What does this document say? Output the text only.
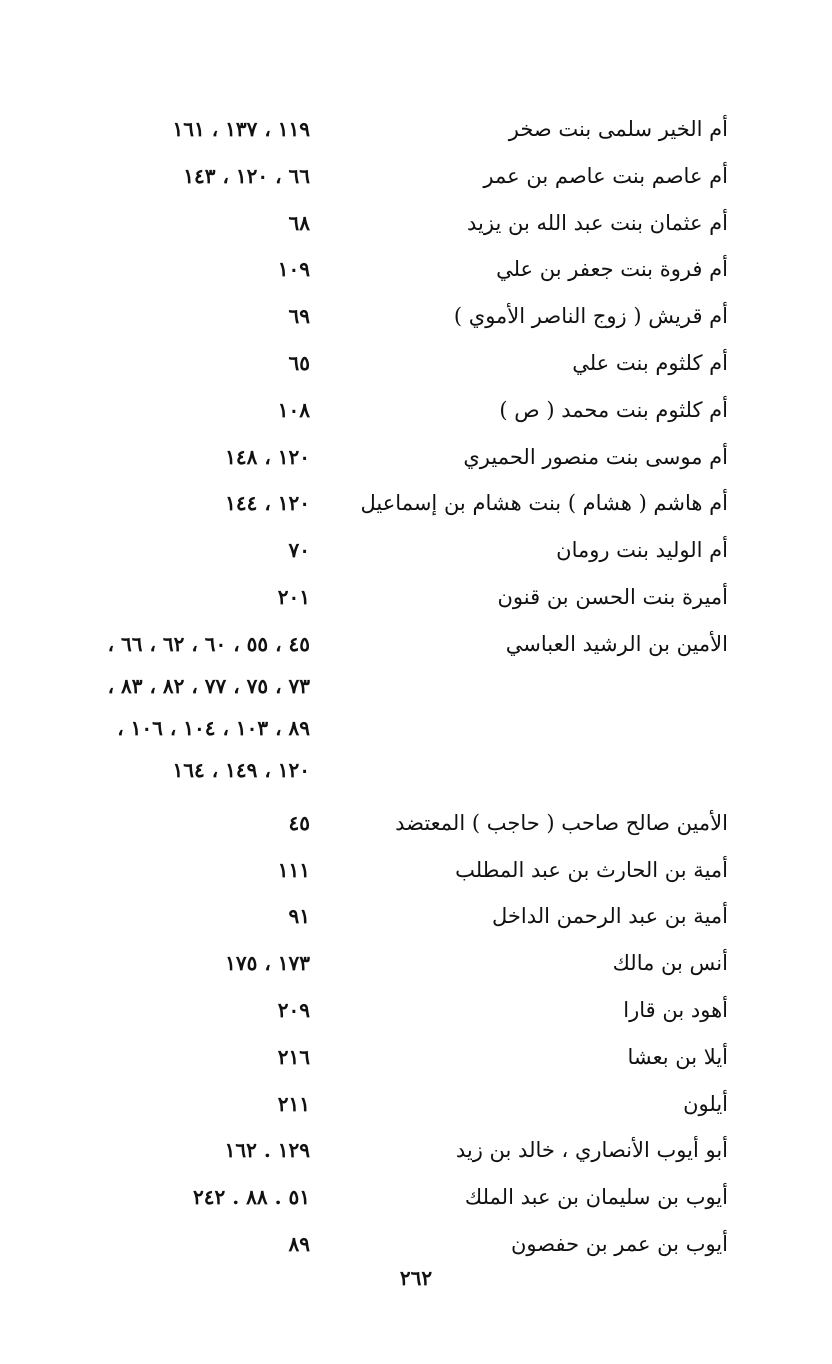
أم الخير سلمى بنت صخر
١١٩ ، ١٣٧ ، ١٦١
أم عاصم بنت عاصم بن عمر
٦٦ ، ١٢٠ ، ١٤٣
أم عثمان بنت عبد الله بن يزيد
٦٨
أم فروة بنت جعفر بن علي
١٠٩
أم قريش ( زوج الناصر الأموي )
٦٩
أم كلثوم بنت علي
٦٥
أم كلثوم بنت محمد ( ص )
١٠٨
أم موسى بنت منصور الحميري
١٢٠ ، ١٤٨
أم هاشم ( هشام ) بنت هشام بن إسماعيل
١٢٠ ، ١٤٤
أم الوليد بنت رومان
٧٠
أميرة بنت الحسن بن قنون
٢٠١
الأمين بن الرشيد العباسي
٤٥ ، ٥٥ ، ٦٠ ، ٦٢ ، ٦٦ ،
٧٣ ، ٧٥ ، ٧٧ ، ٨٢ ، ٨٣ ،
٨٩ ، ١٠٣ ، ١٠٤ ، ١٠٦ ،
١٢٠ ، ١٤٩ ، ١٦٤
الأمين صالح صاحب ( حاجب ) المعتضد
٤٥
أمية بن الحارث بن عبد المطلب
١١١
أمية بن عبد الرحمن الداخل
٩١
أنس بن مالك
١٧٣ ، ١٧٥
أهود بن قارا
٢٠٩
أيلا بن بعشا
٢١٦
أيلون
٢١١
أبو أيوب الأنصاري ، خالد بن زيد
١٢٩ . ١٦٢
أيوب بن سليمان بن عبد الملك
٥١ . ٨٨ . ٢٤٢
أيوب بن عمر بن حفصون
٨٩
٢٦٢
